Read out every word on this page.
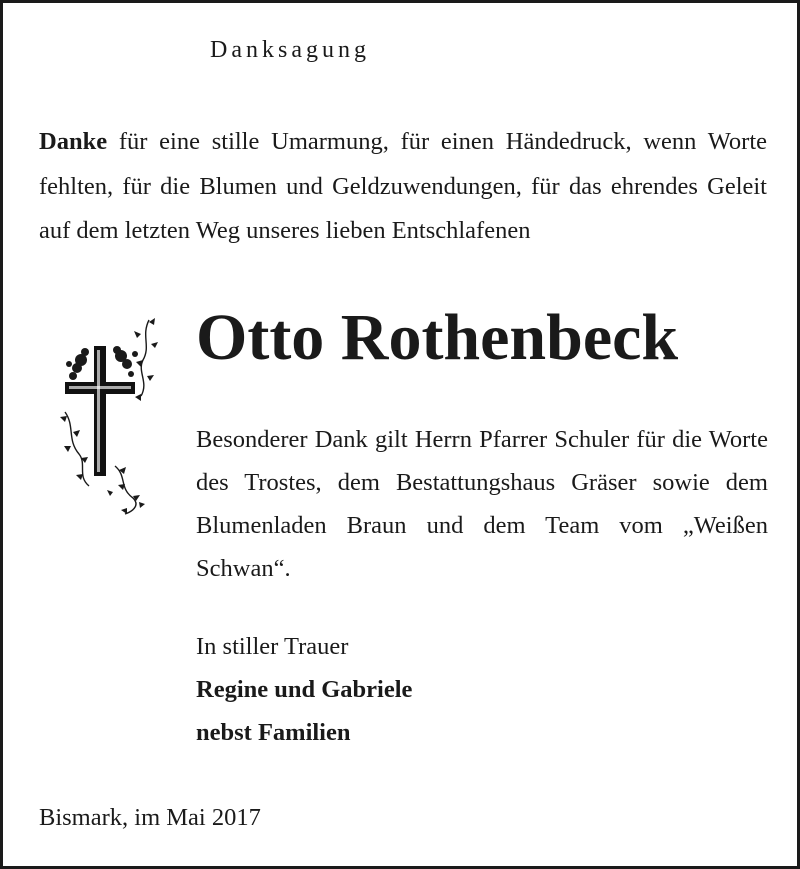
Danksagung
Danke für eine stille Umarmung, für einen Händedruck, wenn Worte fehlten, für die Blumen und Geldzuwendungen, für das ehrendes Geleit auf dem letzten Weg unseres lieben Entschlafenen
Otto Rothenbeck

Besonderer Dank gilt Herrn Pfarrer Schuler für die Worte des Trostes, dem Bestattungshaus Gräser sowie dem Blumenladen Braun und dem Team vom „Weißen Schwan“.

In stiller Trauer
Regine und Gabriele
nebst Familien
Bismark, im Mai 2017
